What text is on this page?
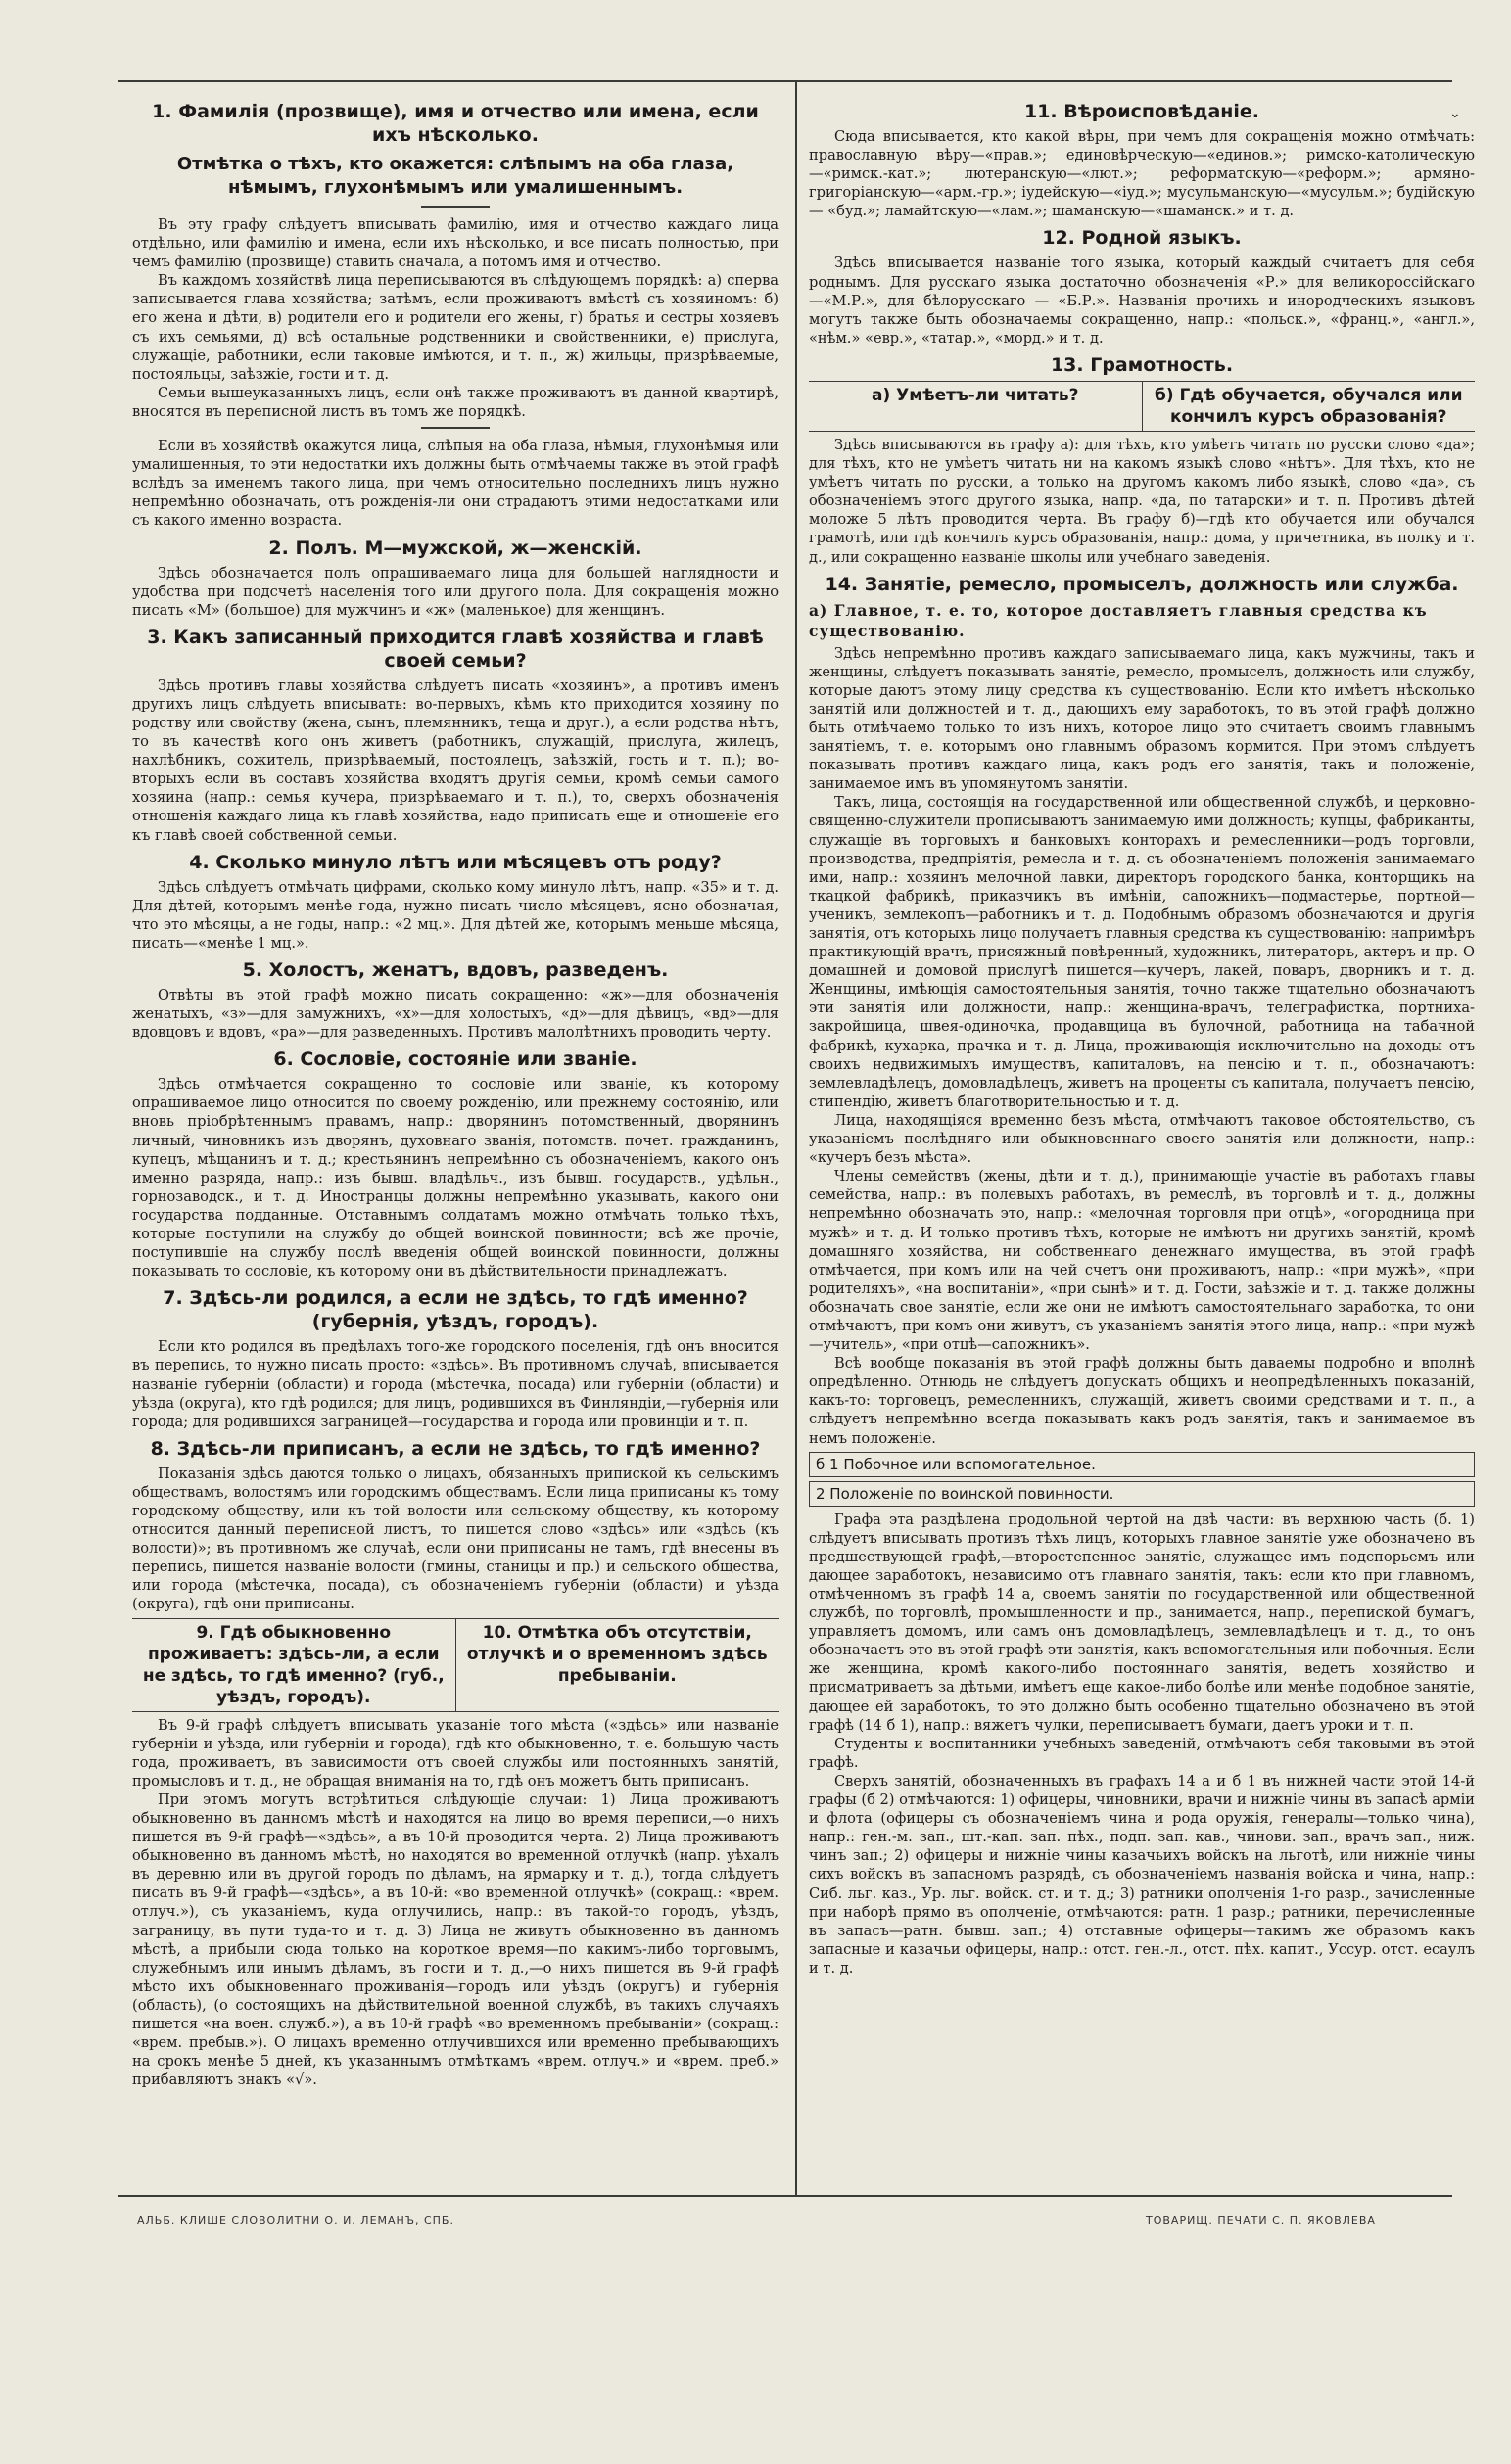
1. Фамилія (прозвище), имя и отчество или имена, если ихъ нѣсколько.
Отмѣтка о тѣхъ, кто окажется: слѣпымъ на оба глаза, нѣмымъ, глухонѣмымъ или умалишеннымъ.

Въ эту графу слѣдуетъ вписывать фамилію, имя и отчество каждаго лица отдѣльно, или фамилію и имена, если ихъ нѣсколько, и все писать полностью, при чемъ фамилію (прозвище) ставить сначала, а потомъ имя и отчество.

Въ каждомъ хозяйствѣ лица переписываются въ слѣдующемъ порядкѣ: а) сперва записывается глава хозяйства; затѣмъ, если проживаютъ вмѣстѣ съ хозяиномъ: б) его жена и дѣти, в) родители его и родители его жены, г) братья и сестры хозяевъ съ ихъ семьями, д) всѣ остальные родственники и свойственники, е) прислуга, служащіе, работники, если таковые имѣются, и т. п., ж) жильцы, призрѣваемые, постояльцы, заѣзжіе, гости и т. д.

Семьи вышеуказанныхъ лицъ, если онѣ также проживаютъ въ данной квартирѣ, вносятся въ переписной листъ въ томъ же порядкѣ.

Если въ хозяйствѣ окажутся лица, слѣпыя на оба глаза, нѣмыя, глухонѣмыя или умалишенныя, то эти недостатки ихъ должны быть отмѣчаемы также въ этой графѣ вслѣдъ за именемъ такого лица, при чемъ относительно последнихъ лицъ нужно непремѣнно обозначать, отъ рожденія-ли они страдаютъ этими недостатками или съ какого именно возраста.

2. Полъ. М—мужской, ж—женскій.

Здѣсь обозначается полъ опрашиваемаго лица для большей наглядности и удобства при подсчетѣ населенія того или другого пола. Для сокращенія можно писать «М» (большое) для мужчинъ и «ж» (маленькое) для женщинъ.

3. Какъ записанный приходится главѣ хозяйства и главѣ своей семьи?

Здѣсь противъ главы хозяйства слѣдуетъ писать «хозяинъ», а противъ именъ другихъ лицъ слѣдуетъ вписывать: во-первыхъ, кѣмъ кто приходится хозяину по родству или свойству (жена, сынъ, племянникъ, теща и друг.), а если родства нѣтъ, то въ качествѣ кого онъ живетъ (работникъ, служащій, прислуга, жилецъ, нахлѣбникъ, сожитель, призрѣваемый, постоялецъ, заѣзжій, гость и т. п.); во-вторыхъ если въ составъ хозяйства входятъ другія семьи, кромѣ семьи самого хозяина (напр.: семья кучера, призрѣваемаго и т. п.), то, сверхъ обозначенія отношенія каждаго лица къ главѣ хозяйства, надо приписать еще и отношеніе его къ главѣ своей собственной семьи.

4. Сколько минуло лѣтъ или мѣсяцевъ отъ роду?

Здѣсь слѣдуетъ отмѣчать цифрами, сколько кому минуло лѣтъ, напр. «35» и т. д. Для дѣтей, которымъ менѣе года, нужно писать число мѣсяцевъ, ясно обозначая, что это мѣсяцы, а не годы, напр.: «2 мц.». Для дѣтей же, которымъ меньше мѣсяца, писать—«менѣе 1 мц.».

5. Холостъ, женатъ, вдовъ, разведенъ.

Отвѣты въ этой графѣ можно писать сокращенно: «ж»—для обозначенія женатыхъ, «з»—для замужнихъ, «х»—для холостыхъ, «д»—для дѣвицъ, «вд»—для вдовцовъ и вдовъ, «ра»—для разведенныхъ. Противъ малолѣтнихъ проводить черту.

6. Сословіе, состояніе или званіе.

Здѣсь отмѣчается сокращенно то сословіе или званіе, къ которому опрашиваемое лицо относится по своему рожденію, или прежнему состоянію, или вновь пріобрѣтеннымъ правамъ, напр.: дворянинъ потомственный, дворянинъ личный, чиновникъ изъ дворянъ, духовнаго званія, потомств. почет. гражданинъ, купецъ, мѣщанинъ и т. д.; крестьянинъ непремѣнно съ обозначеніемъ, какого онъ именно разряда, напр.: изъ бывш. владѣльч., изъ бывш. государств., удѣльн., горнозаводск., и т. д. Иностранцы должны непремѣнно указывать, какого они государства подданные. Отставнымъ солдатамъ можно отмѣчать только тѣхъ, которые поступили на службу до общей воинской повинности; всѣ же прочіе, поступившіе на службу послѣ введенія общей воинской повинности, должны показывать то сословіе, къ которому они въ дѣйствительности принадлежатъ.

7. Здѣсь-ли родился, а если не здѣсь, то гдѣ именно? (губернія, уѣздъ, городъ).

Если кто родился въ предѣлахъ того-же городского поселенія, гдѣ онъ вносится въ перепись, то нужно писать просто: «здѣсь». Въ противномъ случаѣ, вписывается названіе губерніи (области) и города (мѣстечка, посада) или губерніи (области) и уѣзда (округа), кто гдѣ родился; для лицъ, родившихся въ Финляндіи,—губернія или города; для родившихся заграницей—государства и города или провинціи и т. п.

8. Здѣсь-ли приписанъ, а если не здѣсь, то гдѣ именно?

Показанія здѣсь даются только о лицахъ, обязанныхъ припиской къ сельскимъ обществамъ, волостямъ или городскимъ обществамъ. Если лица приписаны къ тому городскому обществу, или къ той волости или сельскому обществу, къ которому относится данный переписной листъ, то пишется слово «здѣсь» или «здѣсь (къ волости)»; въ противномъ же случаѣ, если они приписаны не тамъ, гдѣ внесены въ перепись, пишется названіе волости (гмины, станицы и пр.) и сельского общества, или города (мѣстечка, посада), съ обозначеніемъ губерніи (области) и уѣзда (округа), гдѣ они приписаны.

9. Гдѣ обыкновенно проживаетъ: здѣсь-ли, а если не здѣсь, то гдѣ именно? (губ., уѣздъ, городъ).
10. Отмѣтка объ отсутствіи, отлучкѣ и о временномъ здѣсь пребываніи.

Въ 9-й графѣ слѣдуетъ вписывать указаніе того мѣста («здѣсь» или названіе губерніи и уѣзда, или губерніи и города), гдѣ кто обыкновенно, т. е. большую часть года, проживаетъ, въ зависимости отъ своей службы или постоянныхъ занятій, промысловъ и т. д., не обращая вниманія на то, гдѣ онъ можетъ быть приписанъ.

При этомъ могутъ встрѣтиться слѣдующіе случаи: 1) Лица проживаютъ обыкновенно въ данномъ мѣстѣ и находятся на лицо во время переписи,—о нихъ пишется въ 9-й графѣ—«здѣсь», а въ 10-й проводится черта. 2) Лица проживаютъ обыкновенно въ данномъ мѣстѣ, но находятся во временной отлучкѣ (напр. уѣхалъ въ деревню или въ другой городъ по дѣламъ, на ярмарку и т. д.), тогда слѣдуетъ писать въ 9-й графѣ—«здѣсь», а въ 10-й: «во временной отлучкѣ» (сокращ.: «врем. отлуч.»), съ указаніемъ, куда отлучились, напр.: въ такой-то городъ, уѣздъ, заграницу, въ пути туда-то и т. д. 3) Лица не живутъ обыкновенно въ данномъ мѣстѣ, а прибыли сюда только на короткое время—по какимъ-либо торговымъ, служебнымъ или инымъ дѣламъ, въ гости и т. д.,—о нихъ пишется въ 9-й графѣ мѣсто ихъ обыкновеннаго проживанія—городъ или уѣздъ (округъ) и губернія (область), (о состоящихъ на дѣйствительной военной службѣ, въ такихъ случаяхъ пишется «на воен. служб.»), а въ 10-й графѣ «во временномъ пребываніи» (сокращ.: «врем. пребыв.»). О лицахъ временно отлучившихся или временно пребывающихъ на срокъ менѣе 5 дней, къ указаннымъ отмѣткамъ «врем. отлуч.» и «врем. преб.» прибавляютъ знакъ «√».

⌄
11. Вѣроисповѣданіе.

Сюда вписывается, кто какой вѣры, при чемъ для сокращенія можно отмѣчать: православную вѣру—«прав.»; единовѣрческую—«единов.»; римско-католическую—«римск.-кат.»; лютеранскую—«лют.»; реформатскую—«реформ.»; армяно-григоріанскую—«арм.-гр.»; іудейскую—«іуд.»; мусульманскую—«мусульм.»; будійскую — «буд.»; ламайтскую—«лам.»; шаманскую—«шаманск.» и т. д.

12. Родной языкъ.

Здѣсь вписывается названіе того языка, который каждый считаетъ для себя роднымъ. Для русскаго языка достаточно обозначенія «Р.» для великороссійскаго—«М.Р.», для бѣлорусскаго — «Б.Р.». Названія прочихъ и инородческихъ языковъ могутъ также быть обозначаемы сокращенно, напр.: «польск.», «франц.», «англ.», «нѣм.» «евр.», «татар.», «морд.» и т. д.

13. Грамотность.
а) Умѣетъ-ли читать?	б) Гдѣ обучается, обучался или кончилъ курсъ образованія?

Здѣсь вписываются въ графу а): для тѣхъ, кто умѣетъ читать по русски слово «да»; для тѣхъ, кто не умѣетъ читать ни на какомъ языкѣ слово «нѣтъ». Для тѣхъ, кто не умѣетъ читать по русски, а только на другомъ какомъ либо языкѣ, слово «да», съ обозначеніемъ этого другого языка, напр. «да, по татарски» и т. п. Противъ дѣтей моложе 5 лѣтъ проводится черта. Въ графу б)—гдѣ кто обучается или обучался грамотѣ, или гдѣ кончилъ курсъ образованія, напр.: дома, у причетника, въ полку и т. д., или сокращенно названіе школы или учебнаго заведенія.

14. Занятіе, ремесло, промыселъ, должность или служба.
а) Главное, т. е. то, которое доставляетъ главныя средства къ существованію.

Здѣсь непремѣнно противъ каждаго записываемаго лица, какъ мужчины, такъ и женщины, слѣдуетъ показывать занятіе, ремесло, промыселъ, должность или службу, которые даютъ этому лицу средства къ существованію. Если кто имѣетъ нѣсколько занятій или должностей и т. д., дающихъ ему заработокъ, то въ этой графѣ должно быть отмѣчаемо только то изъ нихъ, которое лицо это считаетъ своимъ главнымъ занятіемъ, т. е. которымъ оно главнымъ образомъ кормится. При этомъ слѣдуетъ показывать противъ каждаго лица, какъ родъ его занятія, такъ и положеніе, занимаемое имъ въ упомянутомъ занятіи.

Такъ, лица, состоящія на государственной или общественной службѣ, и церковно-священно-служители прописываютъ занимаемую ими должность; купцы, фабриканты, служащіе въ торговыхъ и банковыхъ конторахъ и ремесленники—родъ торговли, производства, предпріятія, ремесла и т. д. съ обозначеніемъ положенія занимаемаго ими, напр.: хозяинъ мелочной лавки, директоръ городского банка, конторщикъ на ткацкой фабрикѣ, приказчикъ въ имѣніи, сапожникъ—подмастерье, портной—ученикъ, землекопъ—работникъ и т. д. Подобнымъ образомъ обозначаются и другія занятія, отъ которыхъ лицо получаетъ главныя средства къ существованію: напримѣръ практикующій врачъ, присяжный повѣренный, художникъ, литераторъ, актеръ и пр. О домашней и домовой прислугѣ пишется—кучеръ, лакей, поваръ, дворникъ и т. д. Женщины, имѣющія самостоятельныя занятія, точно также тщательно обозначаютъ эти занятія или должности, напр.: женщина-врачъ, телеграфистка, портниха-закройщица, швея-одиночка, продавщица въ булочной, работница на табачной фабрикѣ, кухарка, прачка и т. д. Лица, проживающія исключительно на доходы отъ своихъ недвижимыхъ имуществъ, капиталовъ, на пенсію и т. п., обозначаютъ: землевладѣлецъ, домовладѣлецъ, живетъ на проценты съ капитала, получаетъ пенсію, стипендію, живетъ благотворительностью и т. д.

Лица, находящіяся временно безъ мѣста, отмѣчаютъ таковое обстоятельство, съ указаніемъ послѣдняго или обыкновеннаго своего занятія или должности, напр.: «кучеръ безъ мѣста».

Члены семействъ (жены, дѣти и т. д.), принимающіе участіе въ работахъ главы семейства, напр.: въ полевыхъ работахъ, въ ремеслѣ, въ торговлѣ и т. д., должны непремѣнно обозначать это, напр.: «мелочная торговля при отцѣ», «огородница при мужѣ» и т. д. И только противъ тѣхъ, которые не имѣютъ ни другихъ занятій, кромѣ домашняго хозяйства, ни собственнаго денежнаго имущества, въ этой графѣ отмѣчается, при комъ или на чей счетъ они проживаютъ, напр.: «при мужѣ», «при родителяхъ», «на воспитаніи», «при сынѣ» и т. д. Гости, заѣзжіе и т. д. также должны обозначать свое занятіе, если же они не имѣютъ самостоятельнаго заработка, то они отмѣчаютъ, при комъ они живутъ, съ указаніемъ занятія этого лица, напр.: «при мужѣ—учитель», «при отцѣ—сапожникъ».

Всѣ вообще показанія въ этой графѣ должны быть даваемы подробно и вполнѣ опредѣленно. Отнюдь не слѣдуетъ допускать общихъ и неопредѣленныхъ показаній, какъ-то: торговецъ, ремесленникъ, служащій, живетъ своими средствами и т. п., а слѣдуетъ непремѣнно всегда показывать какъ родъ занятія, такъ и занимаемое въ немъ положеніе.

б 1 Побочное или вспомогательное.
2 Положеніе по воинской повинности.

Графа эта раздѣлена продольной чертой на двѣ части: въ верхнюю часть (б. 1) слѣдуетъ вписывать противъ тѣхъ лицъ, которыхъ главное занятіе уже обозначено въ предшествующей графѣ,—второстепенное занятіе, служащее имъ подспорьемъ или дающее заработокъ, независимо отъ главнаго занятія, такъ: если кто при главномъ, отмѣченномъ въ графѣ 14 а, своемъ занятіи по государственной или общественной службѣ, по торговлѣ, промышленности и пр., занимается, напр., перепиской бумагъ, управляетъ домомъ, или самъ онъ домовладѣлецъ, землевладѣлецъ и т. д., то онъ обозначаетъ это въ этой графѣ эти занятія, какъ вспомогательныя или побочныя. Если же женщина, кромѣ какого-либо постояннаго занятія, ведетъ хозяйство и присматриваетъ за дѣтьми, имѣетъ еще какое-либо болѣе или менѣе подобное занятіе, дающее ей заработокъ, то это должно быть особенно тщательно обозначено въ этой графѣ (14 б 1), напр.: вяжетъ чулки, переписываетъ бумаги, даетъ уроки и т. п.

Студенты и воспитанники учебныхъ заведеній, отмѣчаютъ себя таковыми въ этой графѣ.

Сверхъ занятій, обозначенныхъ въ графахъ 14 а и б 1 въ нижней части этой 14-й графы (б 2) отмѣчаются: 1) офицеры, чиновники, врачи и нижніе чины въ запасѣ арміи и флота (офицеры съ обозначеніемъ чина и рода оружія, генералы—только чина), напр.: ген.-м. зап., шт.-кап. зап. пѣх., подп. зап. кав., чинови. зап., врачъ зап., ниж. чинъ зап.; 2) офицеры и нижніе чины казачьихъ войскъ на льготѣ, или нижніе чины сихъ войскъ въ запасномъ разрядѣ, съ обозначеніемъ названія войска и чина, напр.: Сиб. льг. каз., Ур. льг. войск. ст. и т. д.; 3) ратники ополченія 1-го разр., зачисленные при наборѣ прямо въ ополченіе, отмѣчаются: ратн. 1 разр.; ратники, перечисленные въ запасъ—ратн. бывш. зап.; 4) отставные офицеры—такимъ же образомъ какъ запасные и казачьи офицеры, напр.: отст. ген.-л., отст. пѣх. капит., Уссур. отст. есаулъ и т. д.

АЛЬБ. КЛИШЕ СЛОВОЛИТНИ О. И. ЛЕМАНЪ, СПБ.	ТОВАРИЩ. ПЕЧАТИ С. П. ЯКОВЛЕВА
